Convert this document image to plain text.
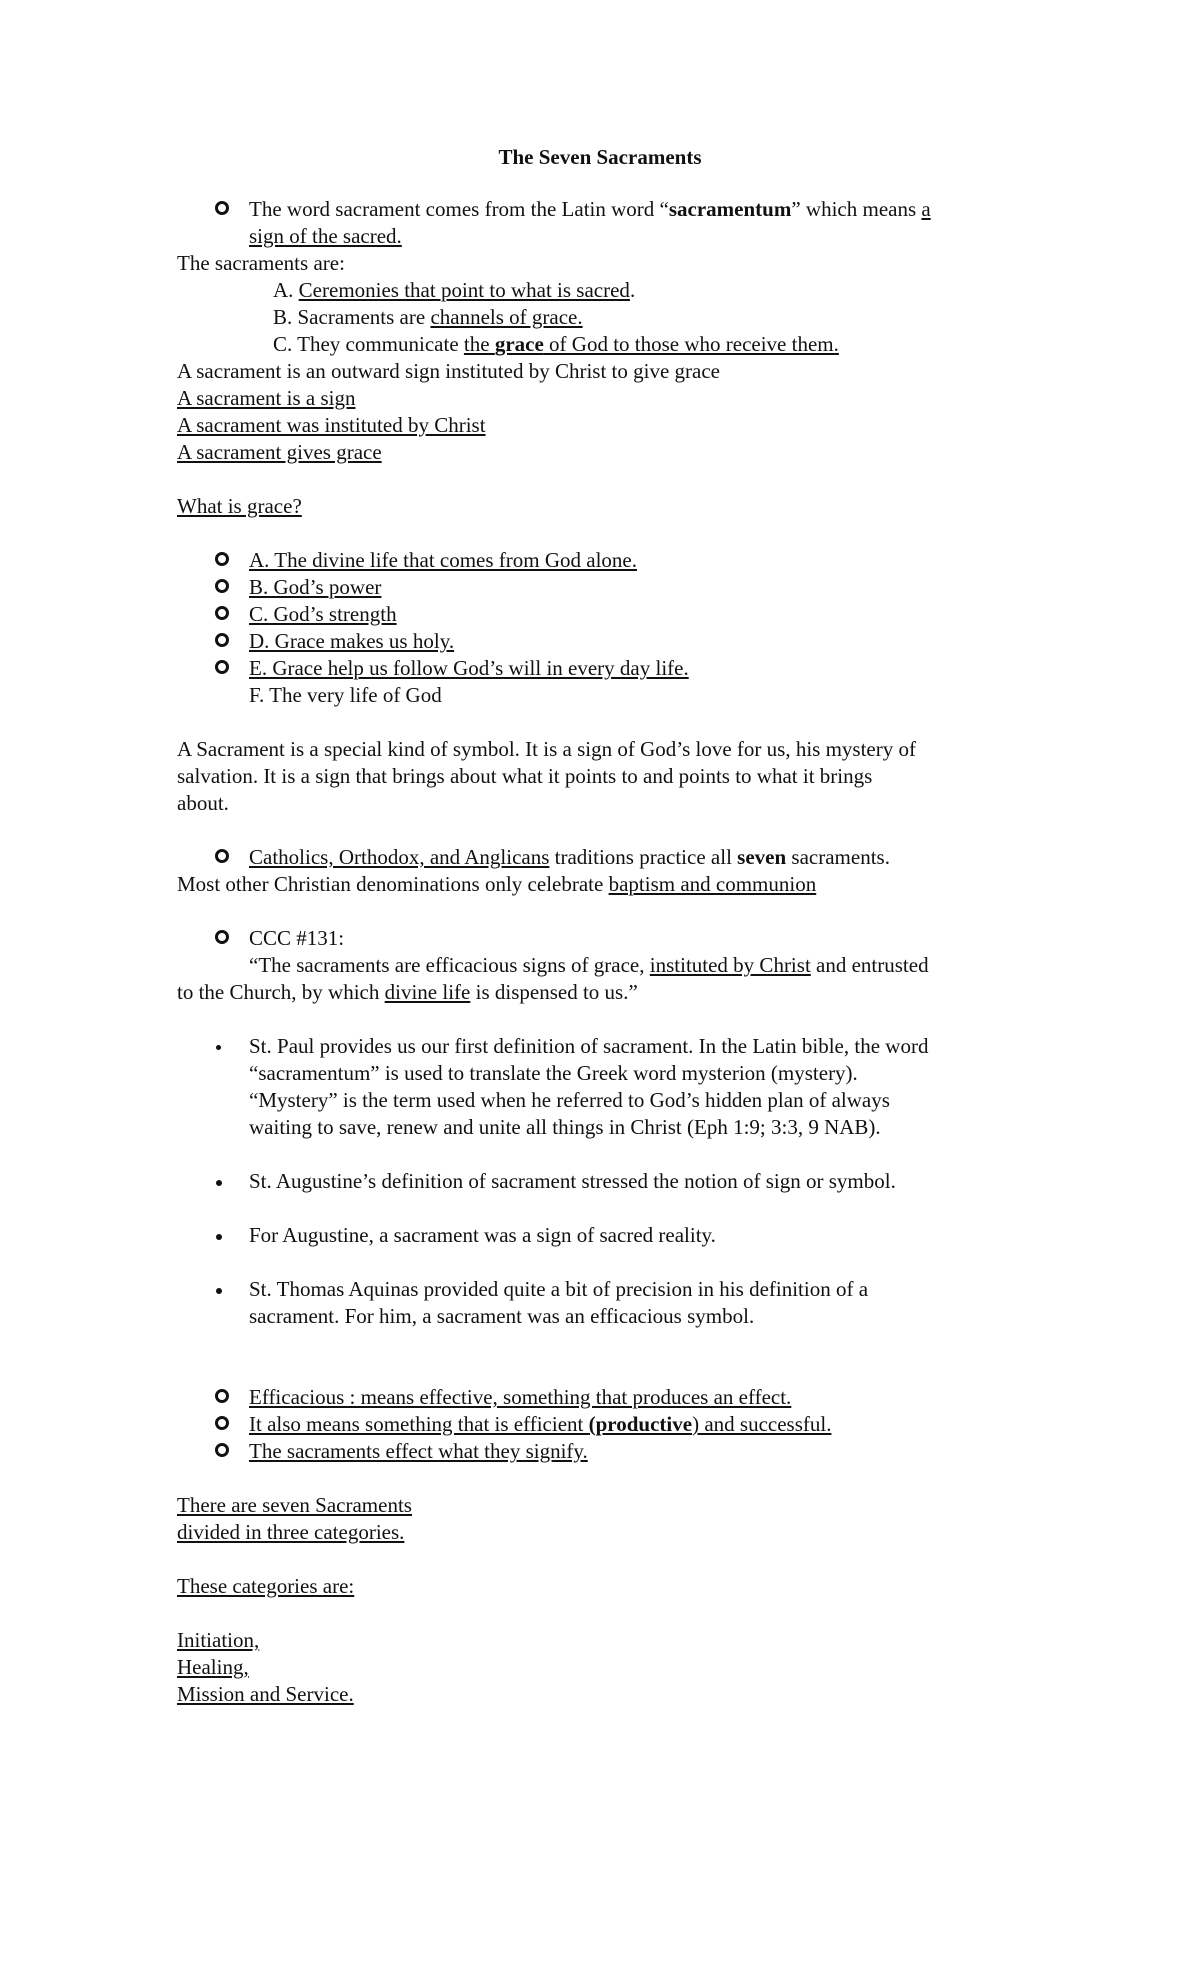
The Seven Sacraments
The word sacrament comes from the Latin word “sacramentum” which means a
sign of the sacred.
The sacraments are:
A. Ceremonies that point to what is sacred.
B. Sacraments are channels of grace.
C. They communicate the grace of God to those who receive them.
A sacrament is an outward sign instituted by Christ to give grace
A sacrament is a sign
A sacrament was instituted by Christ
A sacrament gives grace
What is grace?
A. The divine life that comes from God alone.
B. God’s power
C. God’s strength
D. Grace makes us holy.
E. Grace help us follow God’s will in every day life.
F. The very life of God
A Sacrament is a special kind of symbol. It is a sign of God’s love for us, his mystery of
salvation. It is a sign that brings about what it points to and points to what it brings
about.
Catholics, Orthodox, and Anglicans traditions practice all seven sacraments.
Most other Christian denominations only celebrate baptism and communion
CCC #131:
“The sacraments are efficacious signs of grace, instituted by Christ and entrusted
to the Church, by which divine life is dispensed to us.”
St. Paul provides us our first definition of sacrament. In the Latin bible, the word
“sacramentum” is used to translate the Greek word mysterion (mystery).
“Mystery” is the term used when he referred to God’s hidden plan of always
waiting to save, renew and unite all things in Christ (Eph 1:9; 3:3, 9 NAB).
St. Augustine’s definition of sacrament stressed the notion of sign or symbol.
For Augustine, a sacrament was a sign of sacred reality.
St. Thomas Aquinas provided quite a bit of precision in his definition of a
sacrament. For him, a sacrament was an efficacious symbol.
Efficacious : means effective, something that produces an effect.
It also means something that is efficient (productive) and successful.
The sacraments effect what they signify.
There are seven Sacraments
divided in three categories.
These categories are:
Initiation,
Healing,
Mission and Service.
